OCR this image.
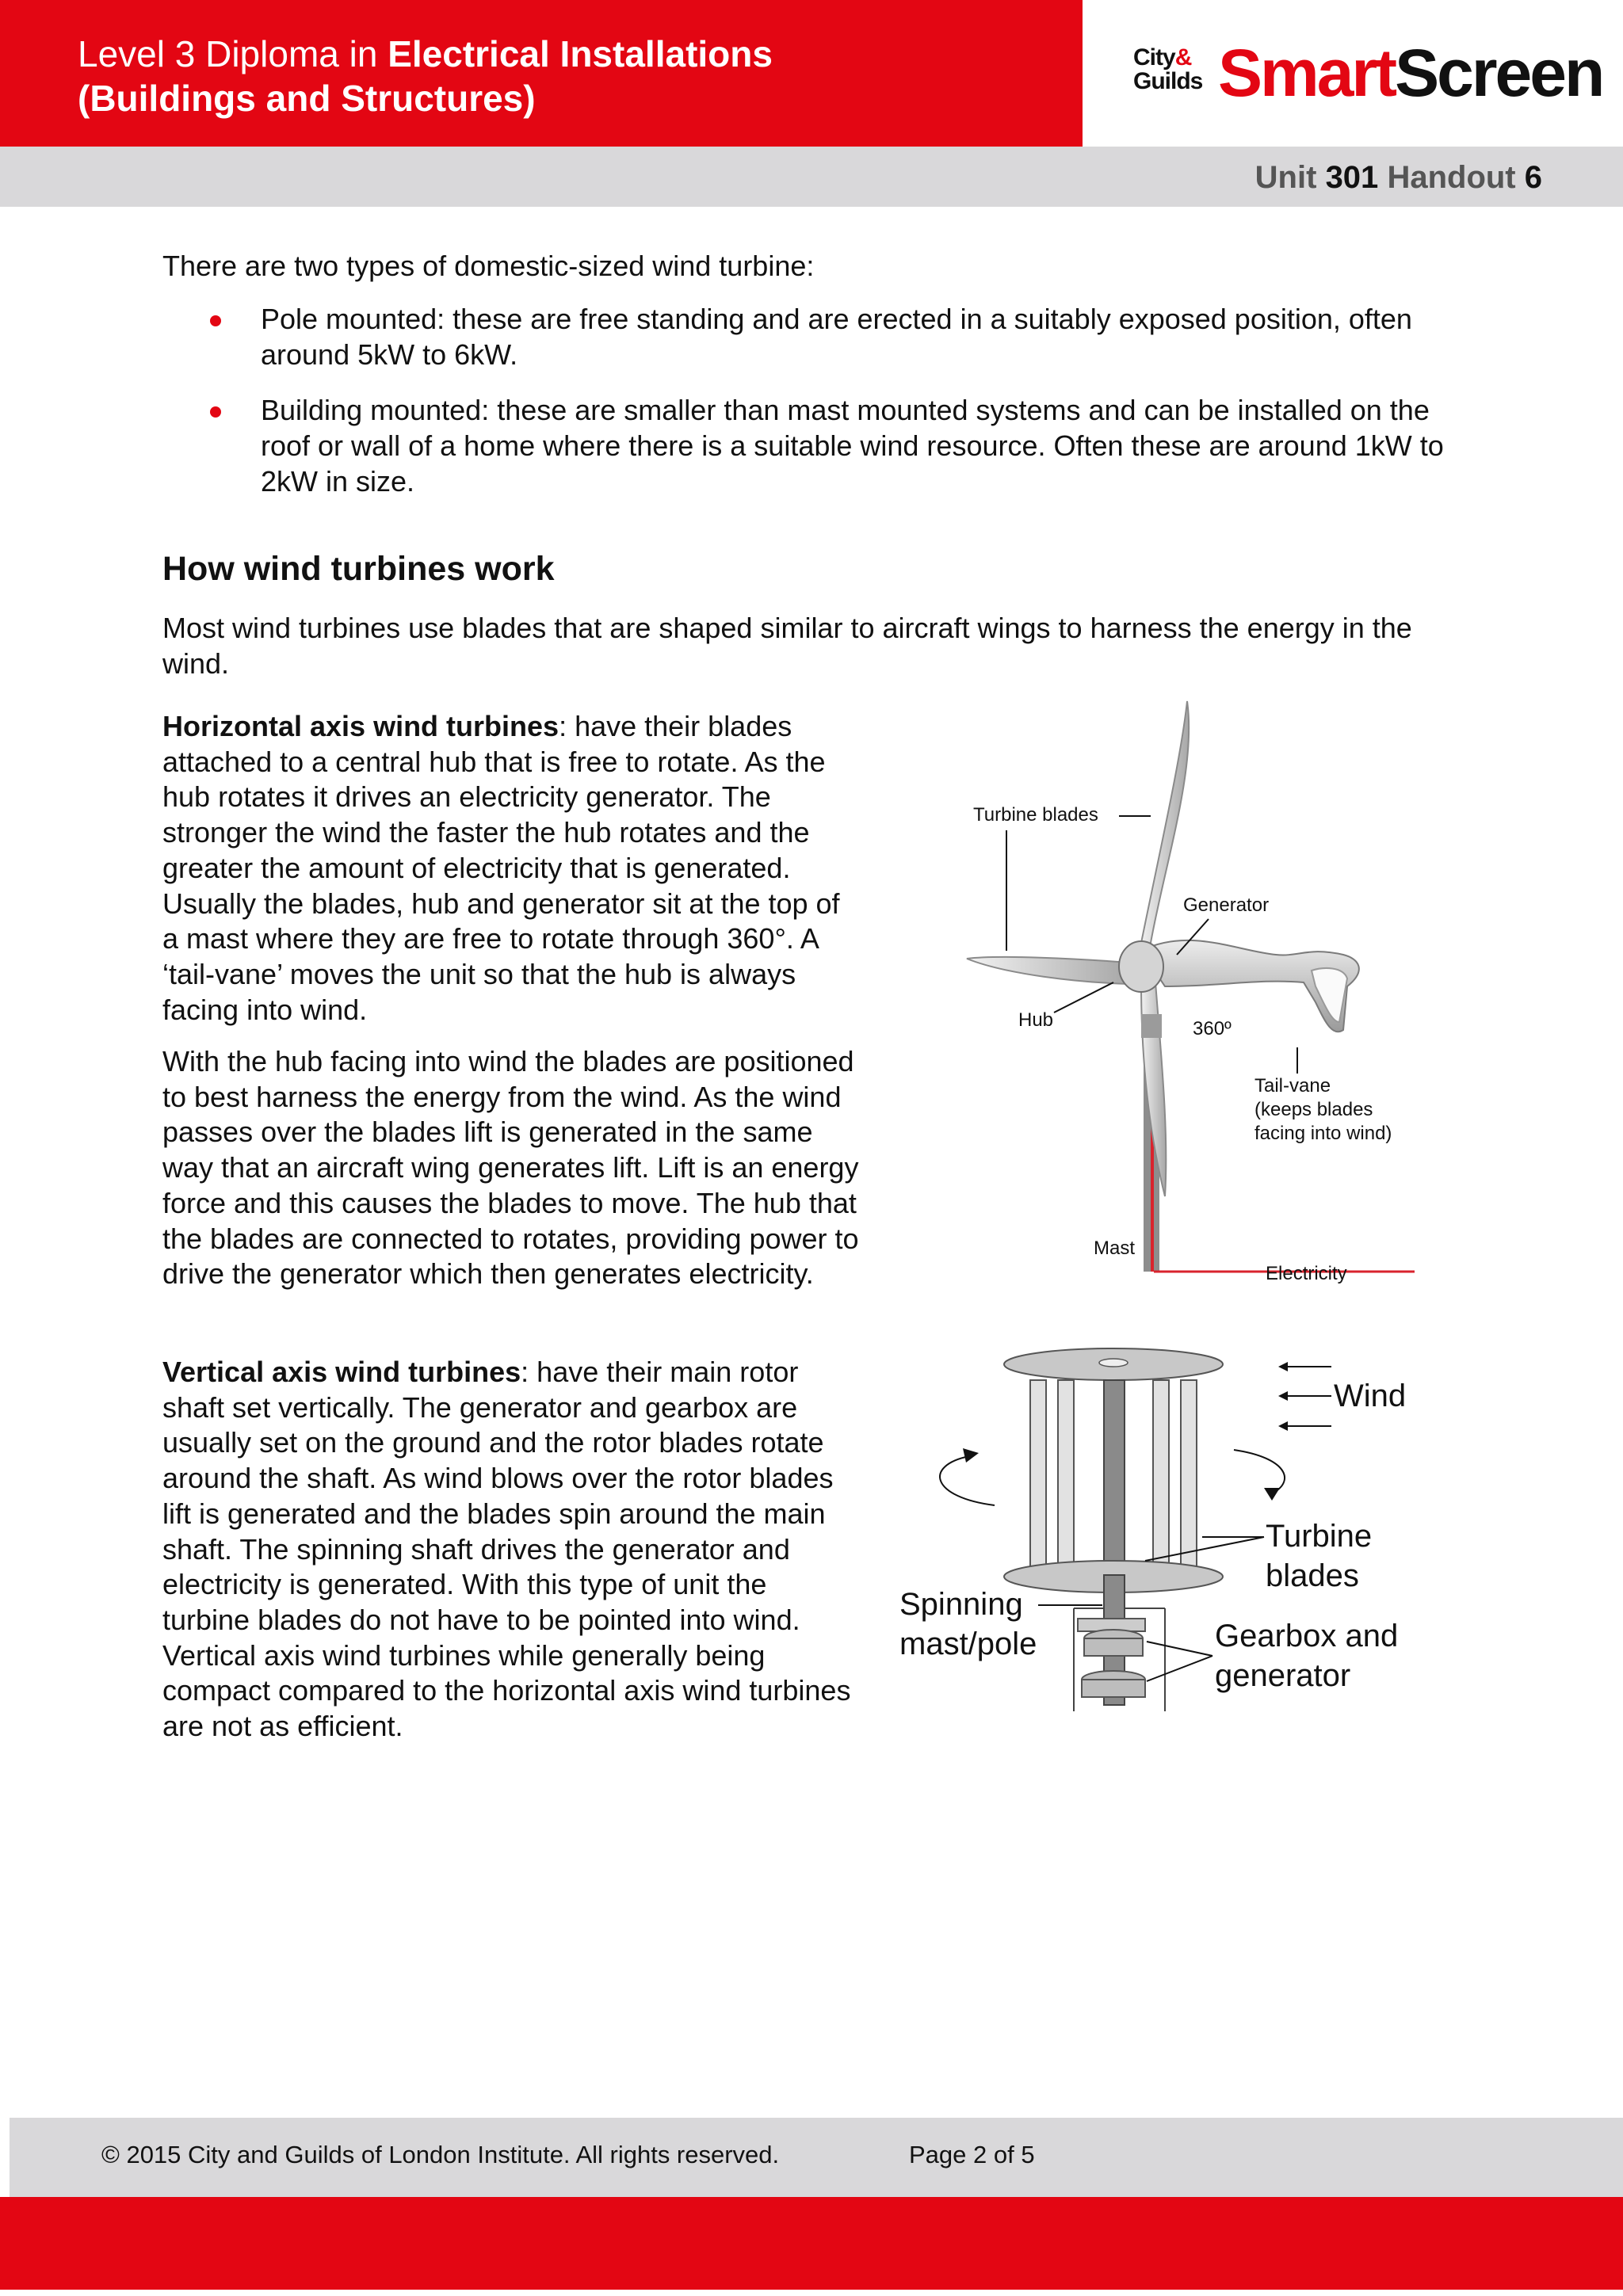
Level 3 Diploma in Electrical Installations
(Buildings and Structures)
City&
Guilds SmartScreen
Unit 301 Handout 6

There are two types of domestic-sized wind turbine:

Pole mounted: these are free standing and are erected in a suitably exposed position, often around 5kW to 6kW.
Building mounted: these are smaller than mast mounted systems and can be installed on the roof or wall of a home where there is a suitable wind resource. Often these are around 1kW to 2kW in size.
How wind turbines work

Most wind turbines use blades that are shaped similar to aircraft wings to harness the energy in the wind.

Horizontal axis wind turbines: have their blades attached to a central hub that is free to rotate. As the hub rotates it drives an electricity generator. The stronger the wind the faster the hub rotates and the greater the amount of electricity that is generated. Usually the blades, hub and generator sit at the top of a mast where they are free to rotate through 360°. A ‘tail-vane’ moves the unit so that the hub is always facing into wind.

With the hub facing into wind the blades are positioned to best harness the energy from the wind. As the wind passes over the blades lift is generated in the same way that an aircraft wing generates lift. Lift is an energy force and this causes the blades to move. The hub that the blades are connected to rotates, providing power to drive the generator which then generates electricity.

Vertical axis wind turbines: have their main rotor shaft set vertically. The generator and gearbox are usually set on the ground and the rotor blades rotate around the shaft. As wind blows over the rotor blades lift is generated and the blades spin around the main shaft. The spinning shaft drives the generator and electricity is generated. With this type of unit the turbine blades do not have to be pointed into wind. Vertical axis wind turbines while generally being compact compared to the horizontal axis wind turbines are not as efficient.

Turbine blades
Generator
Hub	360º
Tail-vane
(keeps blades
facing into wind)
Mast
Electricity
Wind
Turbine
blades
Spinning
mast/pole	Gearbox and
generator
© 2015 City and Guilds of London Institute. All rights reserved.	Page 2 of 5
